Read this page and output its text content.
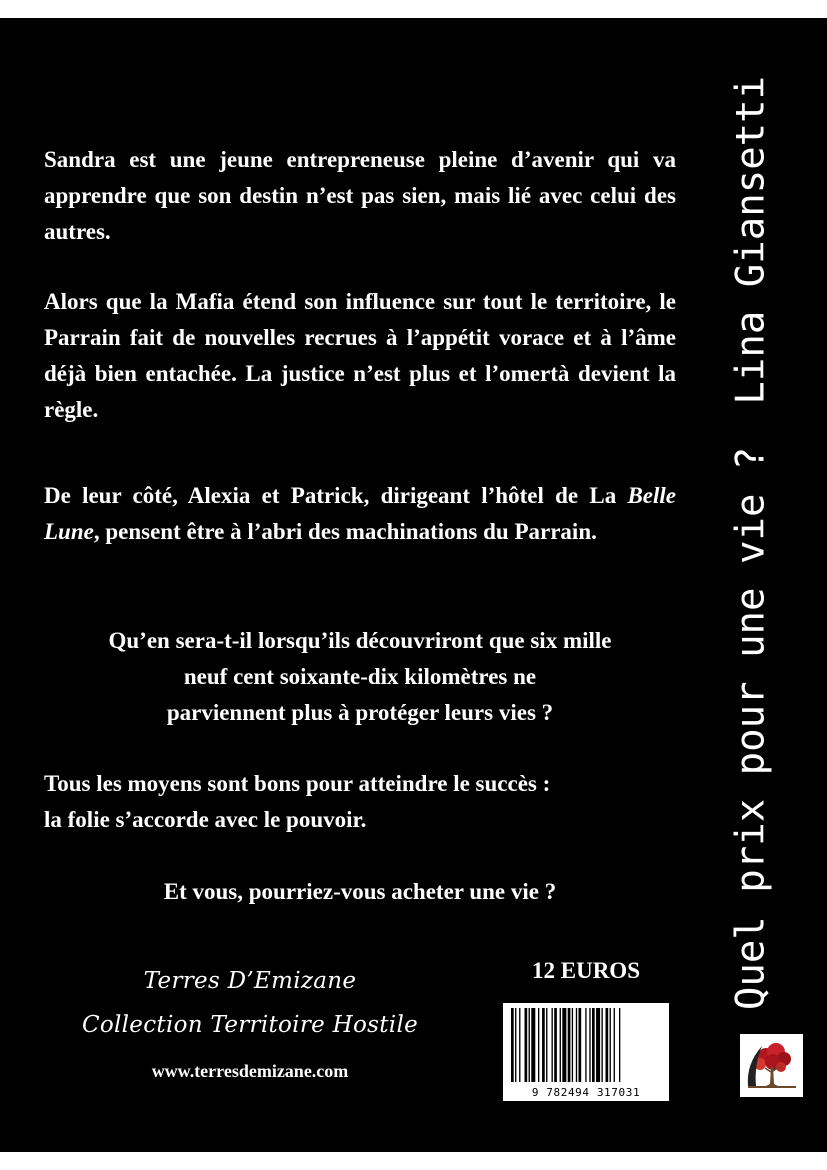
Sandra est une jeune entrepreneuse pleine d’avenir qui va apprendre que son destin n’est pas sien, mais lié avec celui des autres.

Alors que la Mafia étend son influence sur tout le territoire, le Parrain fait de nouvelles recrues à l’appétit vorace et à l’âme déjà bien entachée. La justice n’est plus et l’omertà devient la règle.

De leur côté, Alexia et Patrick, dirigeant l’hôtel de La Belle Lune, pensent être à l’abri des machinations du Parrain.

Qu’en sera-t-il lorsqu’ils découvriront que six mille
neuf cent soixante-dix kilomètres ne
parviennent plus à protéger leurs vies ?

Tous les moyens sont bons pour atteindre le succès :
la folie s’accorde avec le pouvoir.

Et vous, pourriez-vous acheter une vie ?	Quel prix pour une vie ?Lina Giansetti

Terres D’Emizane

Collection Territoire Hostile

www.terresdemizane.com

12 EUROS

9 782494 317031
